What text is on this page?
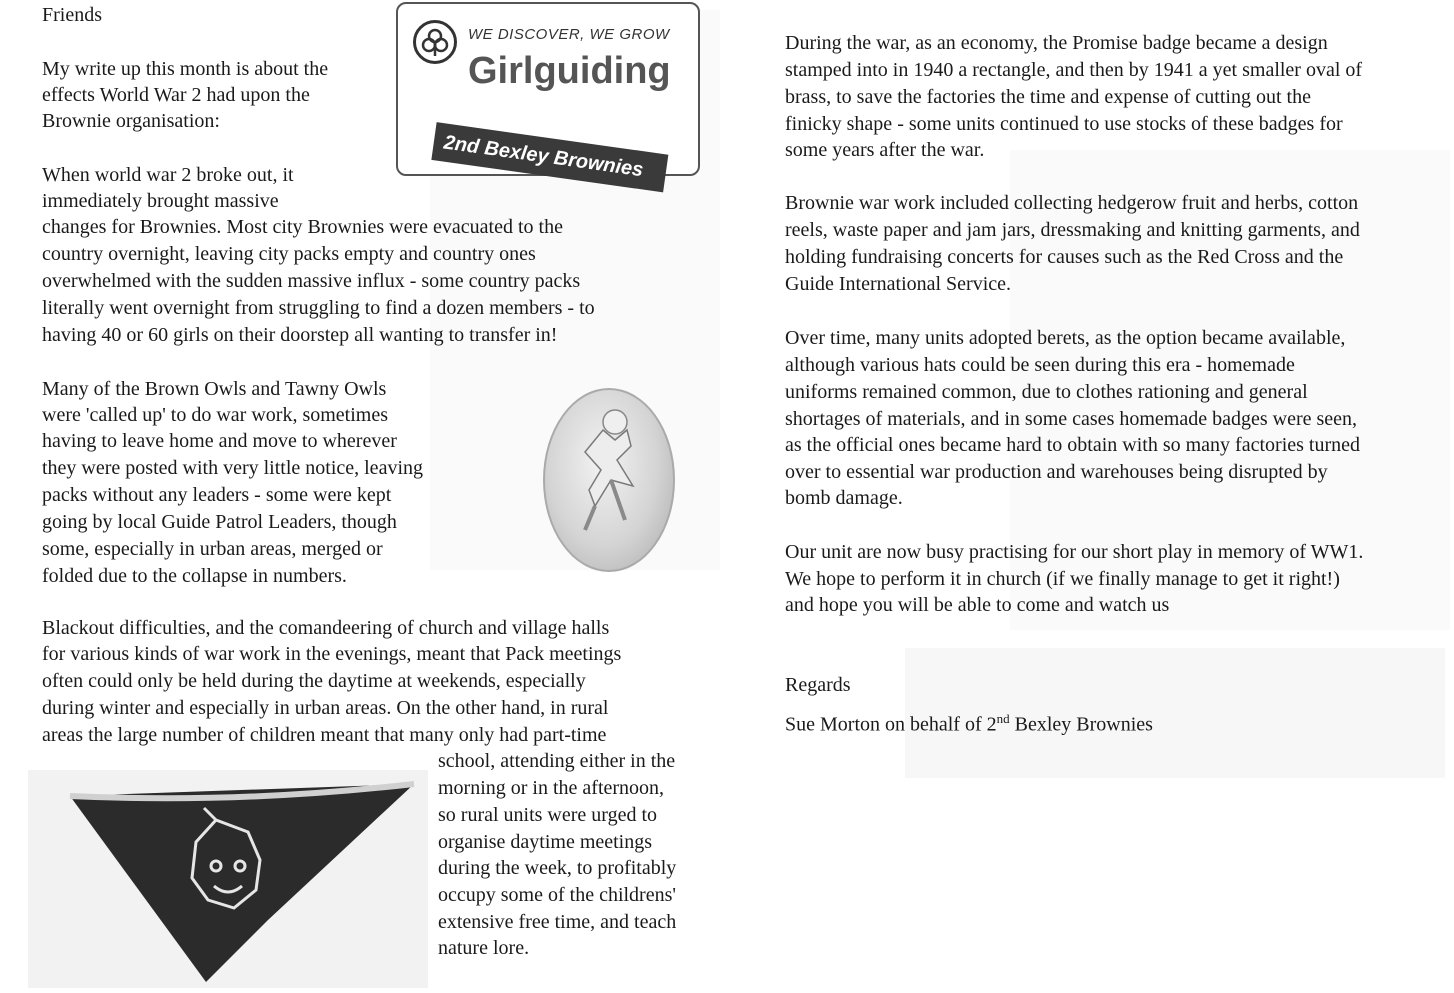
Friends
My write up this month is about the
effects World War 2 had upon the
Brownie organisation:
When world war 2 broke out, it
immediately brought massive
changes for Brownies. Most city Brownies were evacuated to the
country overnight, leaving city packs empty and country ones
overwhelmed with the sudden massive influx - some country packs
literally went overnight from struggling to find a dozen members - to
having 40 or 60 girls on their doorstep all wanting to transfer in!
Many of the Brown Owls and Tawny Owls
were 'called up' to do war work, sometimes
having to leave home and move to wherever
they were posted with very little notice, leaving
packs without any leaders - some were kept
going by local Guide Patrol Leaders, though
some, especially in urban areas, merged or
folded due to the collapse in numbers.
Blackout difficulties, and the comandeering of church and village halls
for various kinds of war work in the evenings, meant that Pack meetings
often could only be held during the daytime at weekends, especially
during winter and especially in urban areas. On the other hand, in rural
areas the large number of children meant that many only had part-time
school, attending either in the
morning or in the afternoon,
so rural units were urged to
organise daytime meetings
during the week, to profitably
occupy some of the childrens'
extensive free time, and teach
nature lore.
WE DISCOVER, WE GROW
Girlguiding
2nd Bexley Brownies
During the war, as an economy, the Promise badge became a design
stamped into in 1940 a rectangle, and then by 1941 a yet smaller oval of
brass, to save the factories the time and expense of cutting out the
finicky shape - some units continued to use stocks of these badges for
some years after the war.
Brownie war work included collecting hedgerow fruit and herbs, cotton
reels, waste paper and jam jars, dressmaking and knitting garments, and
holding fundraising concerts for causes such as the Red Cross and the
Guide International Service.
Over time, many units adopted berets, as the option became available,
although various hats could be seen during this era - homemade
uniforms remained common, due to clothes rationing and general
shortages of materials, and in some cases homemade badges were seen,
as the official ones became hard to obtain with so many factories turned
over to essential war production and warehouses being disrupted by
bomb damage.
Our unit are now busy practising for our short play in memory of WW1.
We hope to perform it in church (if we finally manage to get it right!)
and hope you will be able to come and watch us
Regards
Sue Morton on behalf of 2nd Bexley Brownies
